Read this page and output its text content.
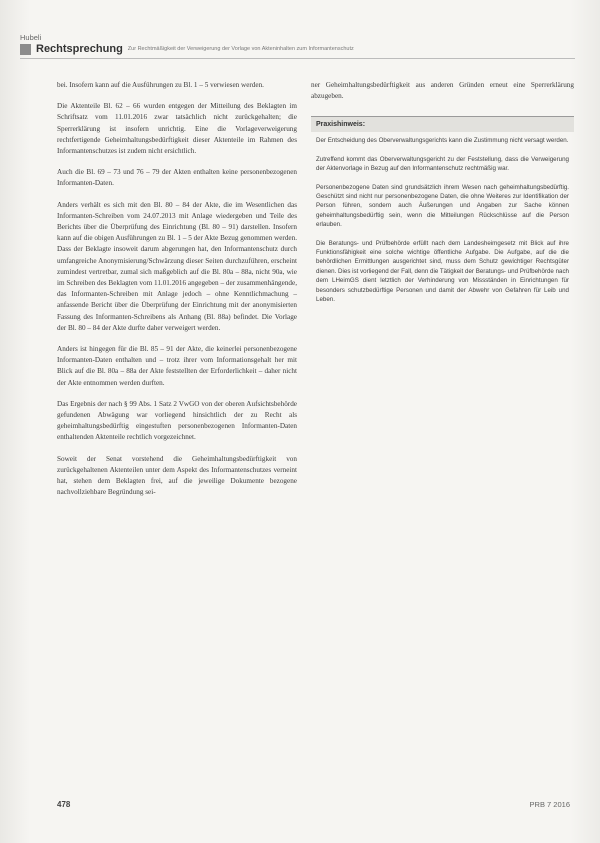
Hubeli
Rechtsprechung Zur Rechtmäßigkeit der Verweigerung der Vorlage von Akteninhalten zum Informantenschutz

bei. Insofern kann auf die Ausführungen zu Bl. 1 – 5 verwiesen werden.

Die Aktenteile Bl. 62 – 66 wurden entgegen der Mitteilung des Beklagten im Schriftsatz vom 11.01.2016 zwar tatsächlich nicht zurückgehalten; die Sperrerklärung ist insofern unrichtig. Eine die Vorlageverweigerung rechtfertigende Geheimhaltungsbedürftigkeit dieser Aktenteile im Rahmen des Informantenschutzes ist zudem nicht ersichtlich.

Auch die Bl. 69 – 73 und 76 – 79 der Akten enthalten keine personenbezogenen Informanten-Daten.

Anders verhält es sich mit den Bl. 80 – 84 der Akte, die im Wesentlichen das Informanten-Schreiben vom 24.07.2013 mit Anlage wiedergeben und Teile des Berichts über die Überprüfung des Einrichtung (Bl. 80 – 91) darstellen. Insofern kann auf die obigen Ausführungen zu Bl. 1 – 5 der Akte Bezug genommen werden. Dass der Beklagte insoweit darum abgerungen hat, den Informantenschutz durch umfangreiche Anonymisierung/Schwärzung dieser Seiten durchzuführen, erscheint zumindest vertretbar, zumal sich maßgeblich auf die Bl. 80a – 88a, nicht 90a, wie im Schreiben des Beklagten vom 11.01.2016 angegeben – der zusammenhängende, das Informanten-Schreiben mit Anlage jedoch – ohne Kenntlichmachung – anfassende Bericht über die Überprüfung der Einrichtung mit der anonymisierten Fassung des Informanten-Schreibens als Anhang (Bl. 88a) befindet. Die Vorlage der Bl. 80 – 84 der Akte durfte daher verweigert werden.

Anders ist hingegen für die Bl. 85 – 91 der Akte, die keinerlei personenbezogene Informanten-Daten enthalten und – trotz ihrer vom Informationsgehalt her mit Blick auf die Bl. 80a – 88a der Akte feststellten der Erforderlichkeit – daher nicht der Akte entnommen werden durften.

Das Ergebnis der nach § 99 Abs. 1 Satz 2 VwGO von der oberen Aufsichtsbehörde gefundenen Abwägung war vorliegend hinsichtlich der zu Recht als geheimhaltungsbedürftig eingestuften personenbezogenen Informanten-Daten enthaltenden Aktenteile rechtlich vorgezeichnet.

Soweit der Senat vorstehend die Geheimhaltungsbedürftigkeit von zurückgehaltenen Aktenteilen unter dem Aspekt des Informantenschutzes verneint hat, stehen dem Beklagten frei, auf die jeweilige Dokumente bezogene nachvollziehbare Begründung sei-

ner Geheimhaltungsbedürftigkeit aus anderen Gründen erneut eine Sperrerklärung abzugeben.

Praxishinweis:

Der Entscheidung des Oberverwaltungsgerichts kann die Zustimmung nicht versagt werden.

Zutreffend kommt das Oberverwaltungsgericht zu der Feststellung, dass die Verweigerung der Aktenvorlage in Bezug auf den Informantenschutz rechtmäßig war.

Personenbezogene Daten sind grundsätzlich ihrem Wesen nach geheimhaltungsbedürftig. Geschützt sind nicht nur personenbezogene Daten, die ohne Weiteres zur Identifikation der Person führen, sondern auch Äußerungen und Angaben zur Sache können geheimhaltungsbedürftig sein, wenn die Mitteilungen Rückschlüsse auf die Person erlauben.

Die Beratungs- und Prüfbehörde erfüllt nach dem Landesheimgesetz mit Blick auf ihre Funktionsfähigkeit eine solche wichtige öffentliche Aufgabe. Die Aufgabe, auf die die behördlichen Ermittlungen ausgerichtet sind, muss dem Schutz gewichtiger Rechtsgüter dienen. Dies ist vorliegend der Fall, denn die Tätigkeit der Beratungs- und Prüfbehörde nach dem LHeimGS dient letztlich der Verhinderung von Missständen in Einrichtungen für besonders schutzbedürftige Personen und damit der Abwehr von Gefahren für Leib und Leben.

478	PRB 7 2016
